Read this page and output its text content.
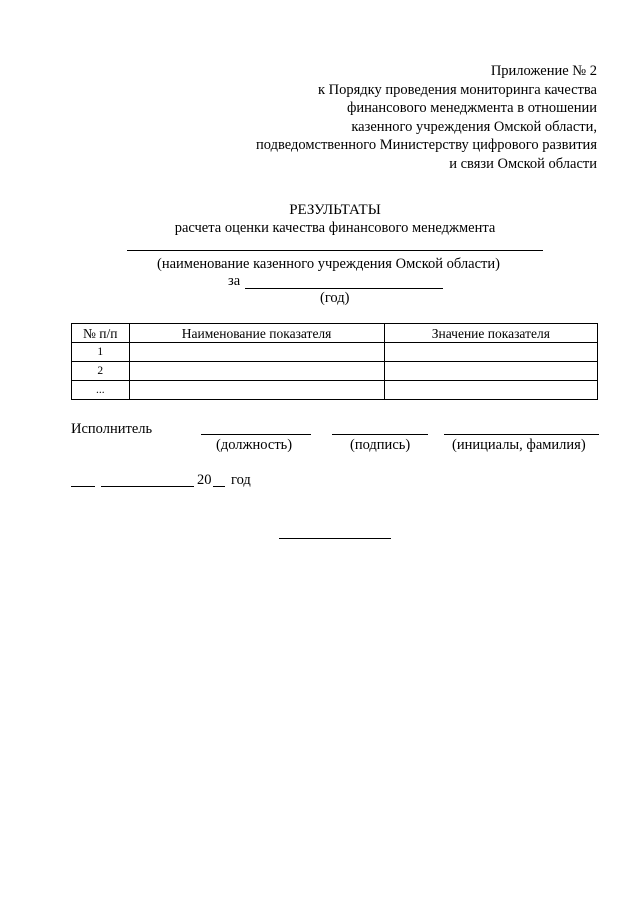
Приложение № 2
к Порядку проведения мониторинга качества
финансового менеджмента в отношении
казенного учреждения Омской области,
подведомственного Министерству цифрового развития
и связи Омской области
РЕЗУЛЬТАТЫ
расчета оценки качества финансового менеджмента
(наименование казенного учреждения Омской области)
за
(год)
№ п/п	Наименование показателя	Значение показателя
1		
2		
...		
Исполнитель
(должность)	(подпись)	(инициалы, фамилия)
20 год
